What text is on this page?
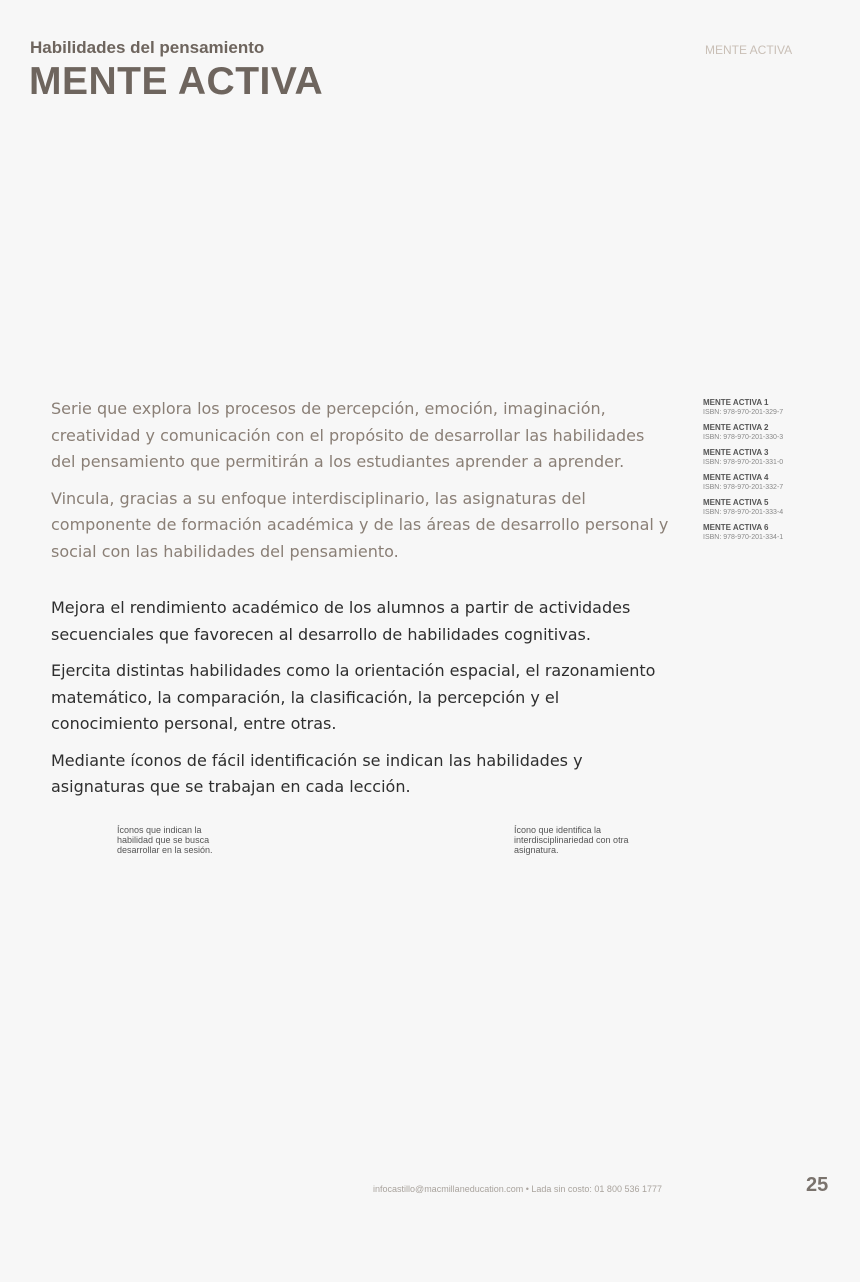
Habilidades del pensamiento
MENTE ACTIVA
MENTE ACTIVA

Serie que explora los procesos de percepción, emoción, imaginación, creatividad y comunicación con el propósito de desarrollar las habilidades del pensamiento que permitirán a los estudiantes aprender a aprender.

Vincula, gracias a su enfoque interdisciplinario, las asignaturas del componente de formación académica y de las áreas de desarrollo personal y social con las habilidades del pensamiento.

Mejora el rendimiento académico de los alumnos a partir de actividades secuenciales que favorecen al desarrollo de habilidades cognitivas.

Ejercita distintas habilidades como la orientación espacial, el razonamiento matemático, la comparación, la clasificación, la percepción y el conocimiento personal, entre otras.

Mediante íconos de fácil identificación se indican las habilidades y asignaturas que se trabajan en cada lección.

MENTE ACTIVA 1
ISBN: 978-970-201-329-7
MENTE ACTIVA 2
ISBN: 978-970-201-330-3
MENTE ACTIVA 3
ISBN: 978-970-201-331-0
MENTE ACTIVA 4
ISBN: 978-970-201-332-7
MENTE ACTIVA 5
ISBN: 978-970-201-333-4
MENTE ACTIVA 6
ISBN: 978-970-201-334-1
Íconos que indican la habilidad que se busca desarrollar en la sesión.
Ícono que identifica la interdisciplinariedad con otra asignatura.
infocastillo@macmillaneducation.com • Lada sin costo: 01 800 536 1777	25
